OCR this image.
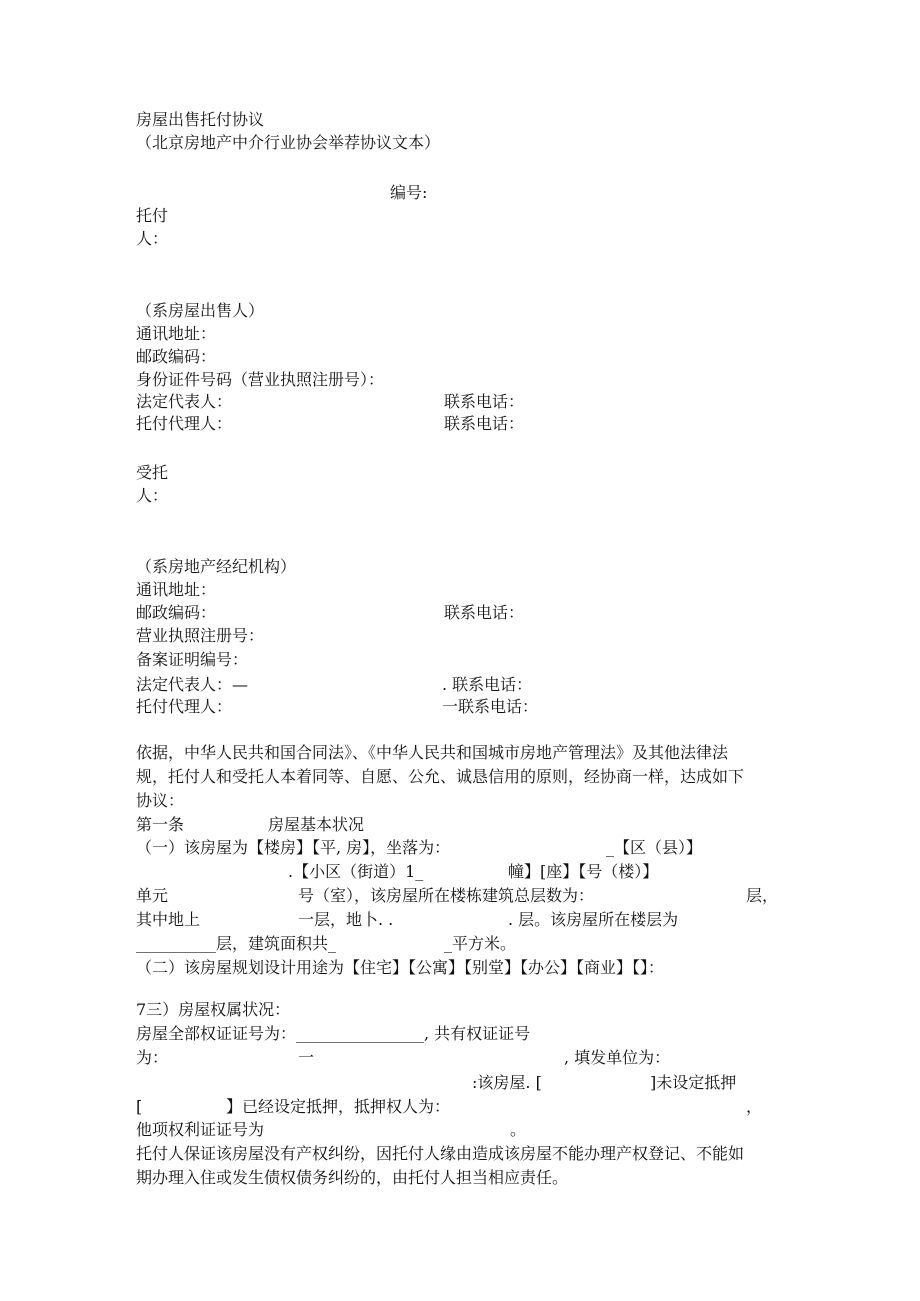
房屋出售托付协议
（北京房地产中介行业协会举荐协议文本）
编号:
托付
人：
（系房屋出售人）
通讯地址：
邮政编码：
身份证件号码（营业执照注册号）：
法定代表人：	联系电话：
托付代理人：	联系电话：
受托
人：
（系房地产经纪机构）
通讯地址：
邮政编码：	联系电话：
营业执照注册号：
备案证明编号：
法定代表人：—	. 联系电话：
托付代理人：	一联系电话：
依据，中华人民共和国合同法》、《中华人民共和国城市房地产管理法》及其他法律法
规，托付人和受托人本着同等、自愿、公允、诚恳信用的原则，经协商一样，达成如下
协议：
第一条	房屋基本状况
（一）该房屋为【楼房】【平, 房】，坐落为：	_【区（县）】
.【小区（街道）1_	幢】[座】【号（楼）】
单元	号（室），该房屋所在楼栋建筑总层数为：	层，
其中地上	一层，地卜. .	. 层。该房屋所在楼层为
__________层，建筑面积共_	_平方米。
（二）该房屋规划设计用途为【住宅】【公寓】【别堂】【办公】【商业】【】：
7三）房屋权属状况：
房屋全部权证证号为：________________, 共有权证证号
为：	一	, 填发单位为：
:该房屋. [	]未设定抵押
[	】已经设定抵押，抵押权人为：	，
他项权利证证号为	。
托付人保证该房屋没有产权纠纷，因托付人缘由造成该房屋不能办理产权登记、不能如
期办理入住或发生债权债务纠纷的，由托付人担当相应责任。
